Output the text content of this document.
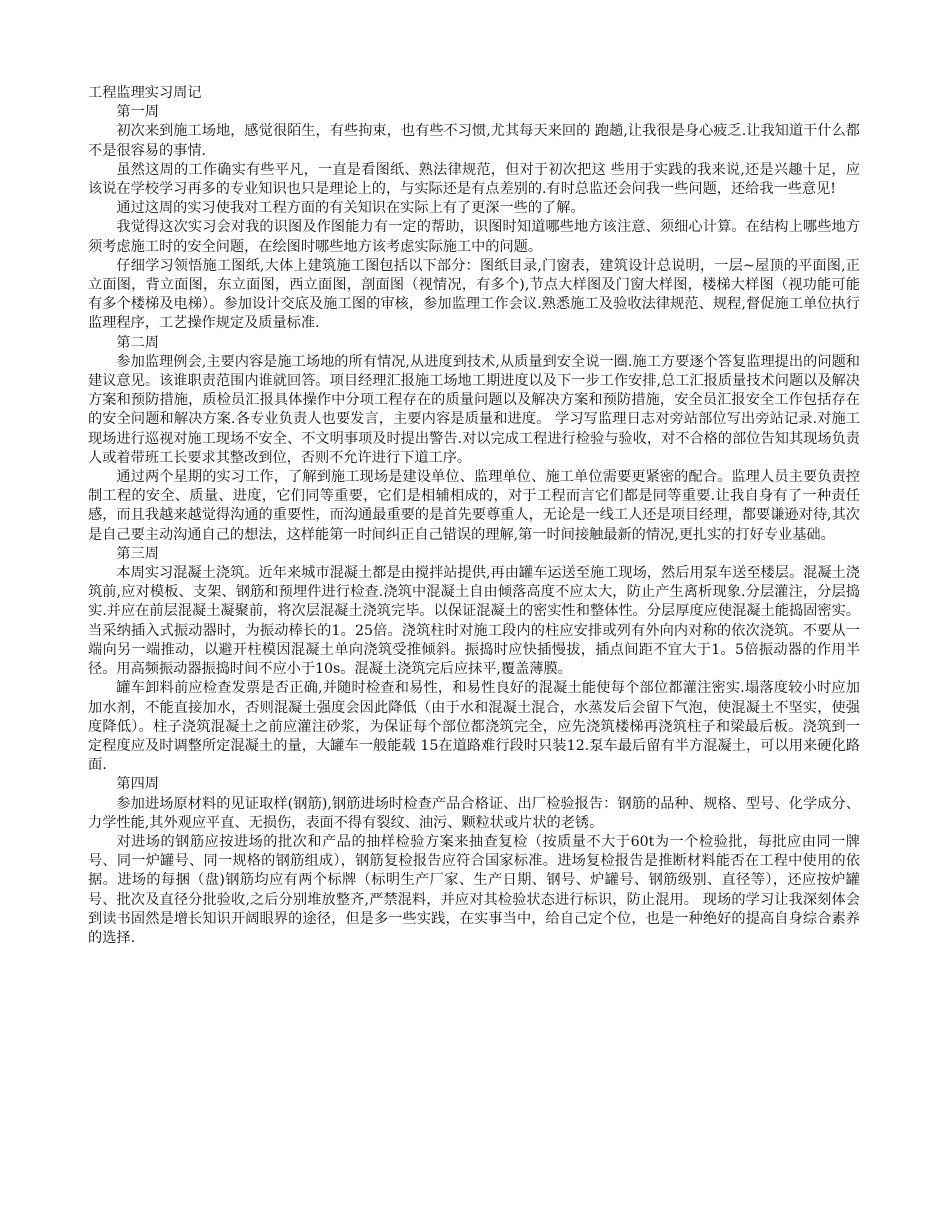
工程监理实习周记
第一周

初次来到施工场地，感觉很陌生，有些拘束，也有些不习惯,尤其每天来回的 跑趟,让我很是身心疲乏.让我知道干什么都不是很容易的事情.

虽然这周的工作确实有些平凡，一直是看图纸、熟法律规范，但对于初次把这 些用于实践的我来说,还是兴趣十足，应该说在学校学习再多的专业知识也只是理论上的，与实际还是有点差别的.有时总监还会问我一些问题，还给我一些意见!

通过这周的实习使我对工程方面的有关知识在实际上有了更深一些的了解。

我觉得这次实习会对我的识图及作图能力有一定的帮助，识图时知道哪些地方该注意、须细心计算。在结构上哪些地方须考虑施工时的安全问题，在绘图时哪些地方该考虑实际施工中的问题。

仔细学习领悟施工图纸,大体上建筑施工图包括以下部分：图纸目录,门窗表，建筑设计总说明，一层~屋顶的平面图,正立面图，背立面图，东立面图，西立面图，剖面图（视情况，有多个),节点大样图及门窗大样图，楼梯大样图（视功能可能有多个楼梯及电梯）。参加设计交底及施工图的审核，参加监理工作会议.熟悉施工及验收法律规范、规程,督促施工单位执行监理程序，工艺操作规定及质量标准.

第二周

参加监理例会,主要内容是施工场地的所有情况,从进度到技术,从质量到安全说一圈.施工方要逐个答复监理提出的问题和建议意见。该谁职责范围内谁就回答。项目经理汇报施工场地工期进度以及下一步工作安排,总工汇报质量技术问题以及解决方案和预防措施，质检员汇报具体操作中分项工程存在的质量问题以及解决方案和预防措施，安全员汇报安全工作包括存在的安全问题和解决方案.各专业负责人也要发言，主要内容是质量和进度。 学习写监理日志对旁站部位写出旁站记录.对施工现场进行巡视对施工现场不安全、不文明事项及时提出警告.对以完成工程进行检验与验收，对不合格的部位告知其现场负责人或着带班工长要求其整改到位，否则不允许进行下道工序。

通过两个星期的实习工作，了解到施工现场是建设单位、监理单位、施工单位需要更紧密的配合。监理人员主要负责控制工程的安全、质量、进度，它们同等重要，它们是相辅相成的，对于工程而言它们都是同等重要.让我自身有了一种责任感，而且我越来越觉得沟通的重要性，而沟通最重要的是首先要尊重人，无论是一线工人还是项目经理，都要谦逊对待,其次是自己要主动沟通自己的想法，这样能第一时间纠正自己错误的理解,第一时间接触最新的情况,更扎实的打好专业基础。

第三周

本周实习混凝土浇筑。近年来城市混凝土都是由搅拌站提供,再由罐车运送至施工现场，然后用泵车送至楼层。混凝土浇筑前,应对模板、支架、钢筋和预埋件进行检查.浇筑中混凝土自由倾落高度不应太大，防止产生离析现象.分层灌注，分层捣实.并应在前层混凝土凝聚前，将次层混凝土浇筑完毕。以保证混凝土的密实性和整体性。分层厚度应使混凝土能捣固密实。当采纳插入式振动器时，为振动棒长的1。25倍。浇筑柱时对施工段内的柱应安排或列有外向内对称的依次浇筑。不要从一端向另一端推动，以避开柱模因混凝土单向浇筑受推倾斜。振捣时应快插慢拔，插点间距不宜大于1。5倍振动器的作用半径。用高频振动器振捣时间不应小于10s。混凝土浇筑完后应抹平,覆盖薄膜。

罐车卸料前应检查发票是否正确,并随时检查和易性，和易性良好的混凝土能使每个部位都灌注密实.塌落度较小时应加加水剂，不能直接加水，否则混凝土强度会因此降低（由于水和混凝土混合，水蒸发后会留下气泡，使混凝土不坚实，使强度降低）。柱子浇筑混凝土之前应灌注砂浆，为保证每个部位都浇筑完全，应先浇筑楼梯再浇筑柱子和梁最后板。浇筑到一定程度应及时调整所定混凝土的量，大罐车一般能载 15在道路难行段时只装12.泵车最后留有半方混凝土，可以用来硬化路面.

第四周

参加进场原材料的见证取样(钢筋),钢筋进场时检查产品合格证、出厂检验报告：钢筋的品种、规格、型号、化学成分、力学性能,其外观应平直、无损伤，表面不得有裂纹、油污、颗粒状或片状的老锈。

对进场的钢筋应按进场的批次和产品的抽样检验方案来抽查复检（按质量不大于60t为一个检验批，每批应由同一牌号、同一炉罐号、同一规格的钢筋组成），钢筋复检报告应符合国家标准。进场复检报告是推断材料能否在工程中使用的依据。进场的每捆（盘)钢筋均应有两个标牌（标明生产厂家、生产日期、钢号、炉罐号、钢筋级别、直径等），还应按炉罐号、批次及直径分批验收,之后分别堆放整齐,严禁混料，并应对其检验状态进行标识，防止混用。 现场的学习让我深刻体会到读书固然是增长知识开阔眼界的途径，但是多一些实践，在实事当中，给自己定个位，也是一种绝好的提高自身综合素养的选择.
